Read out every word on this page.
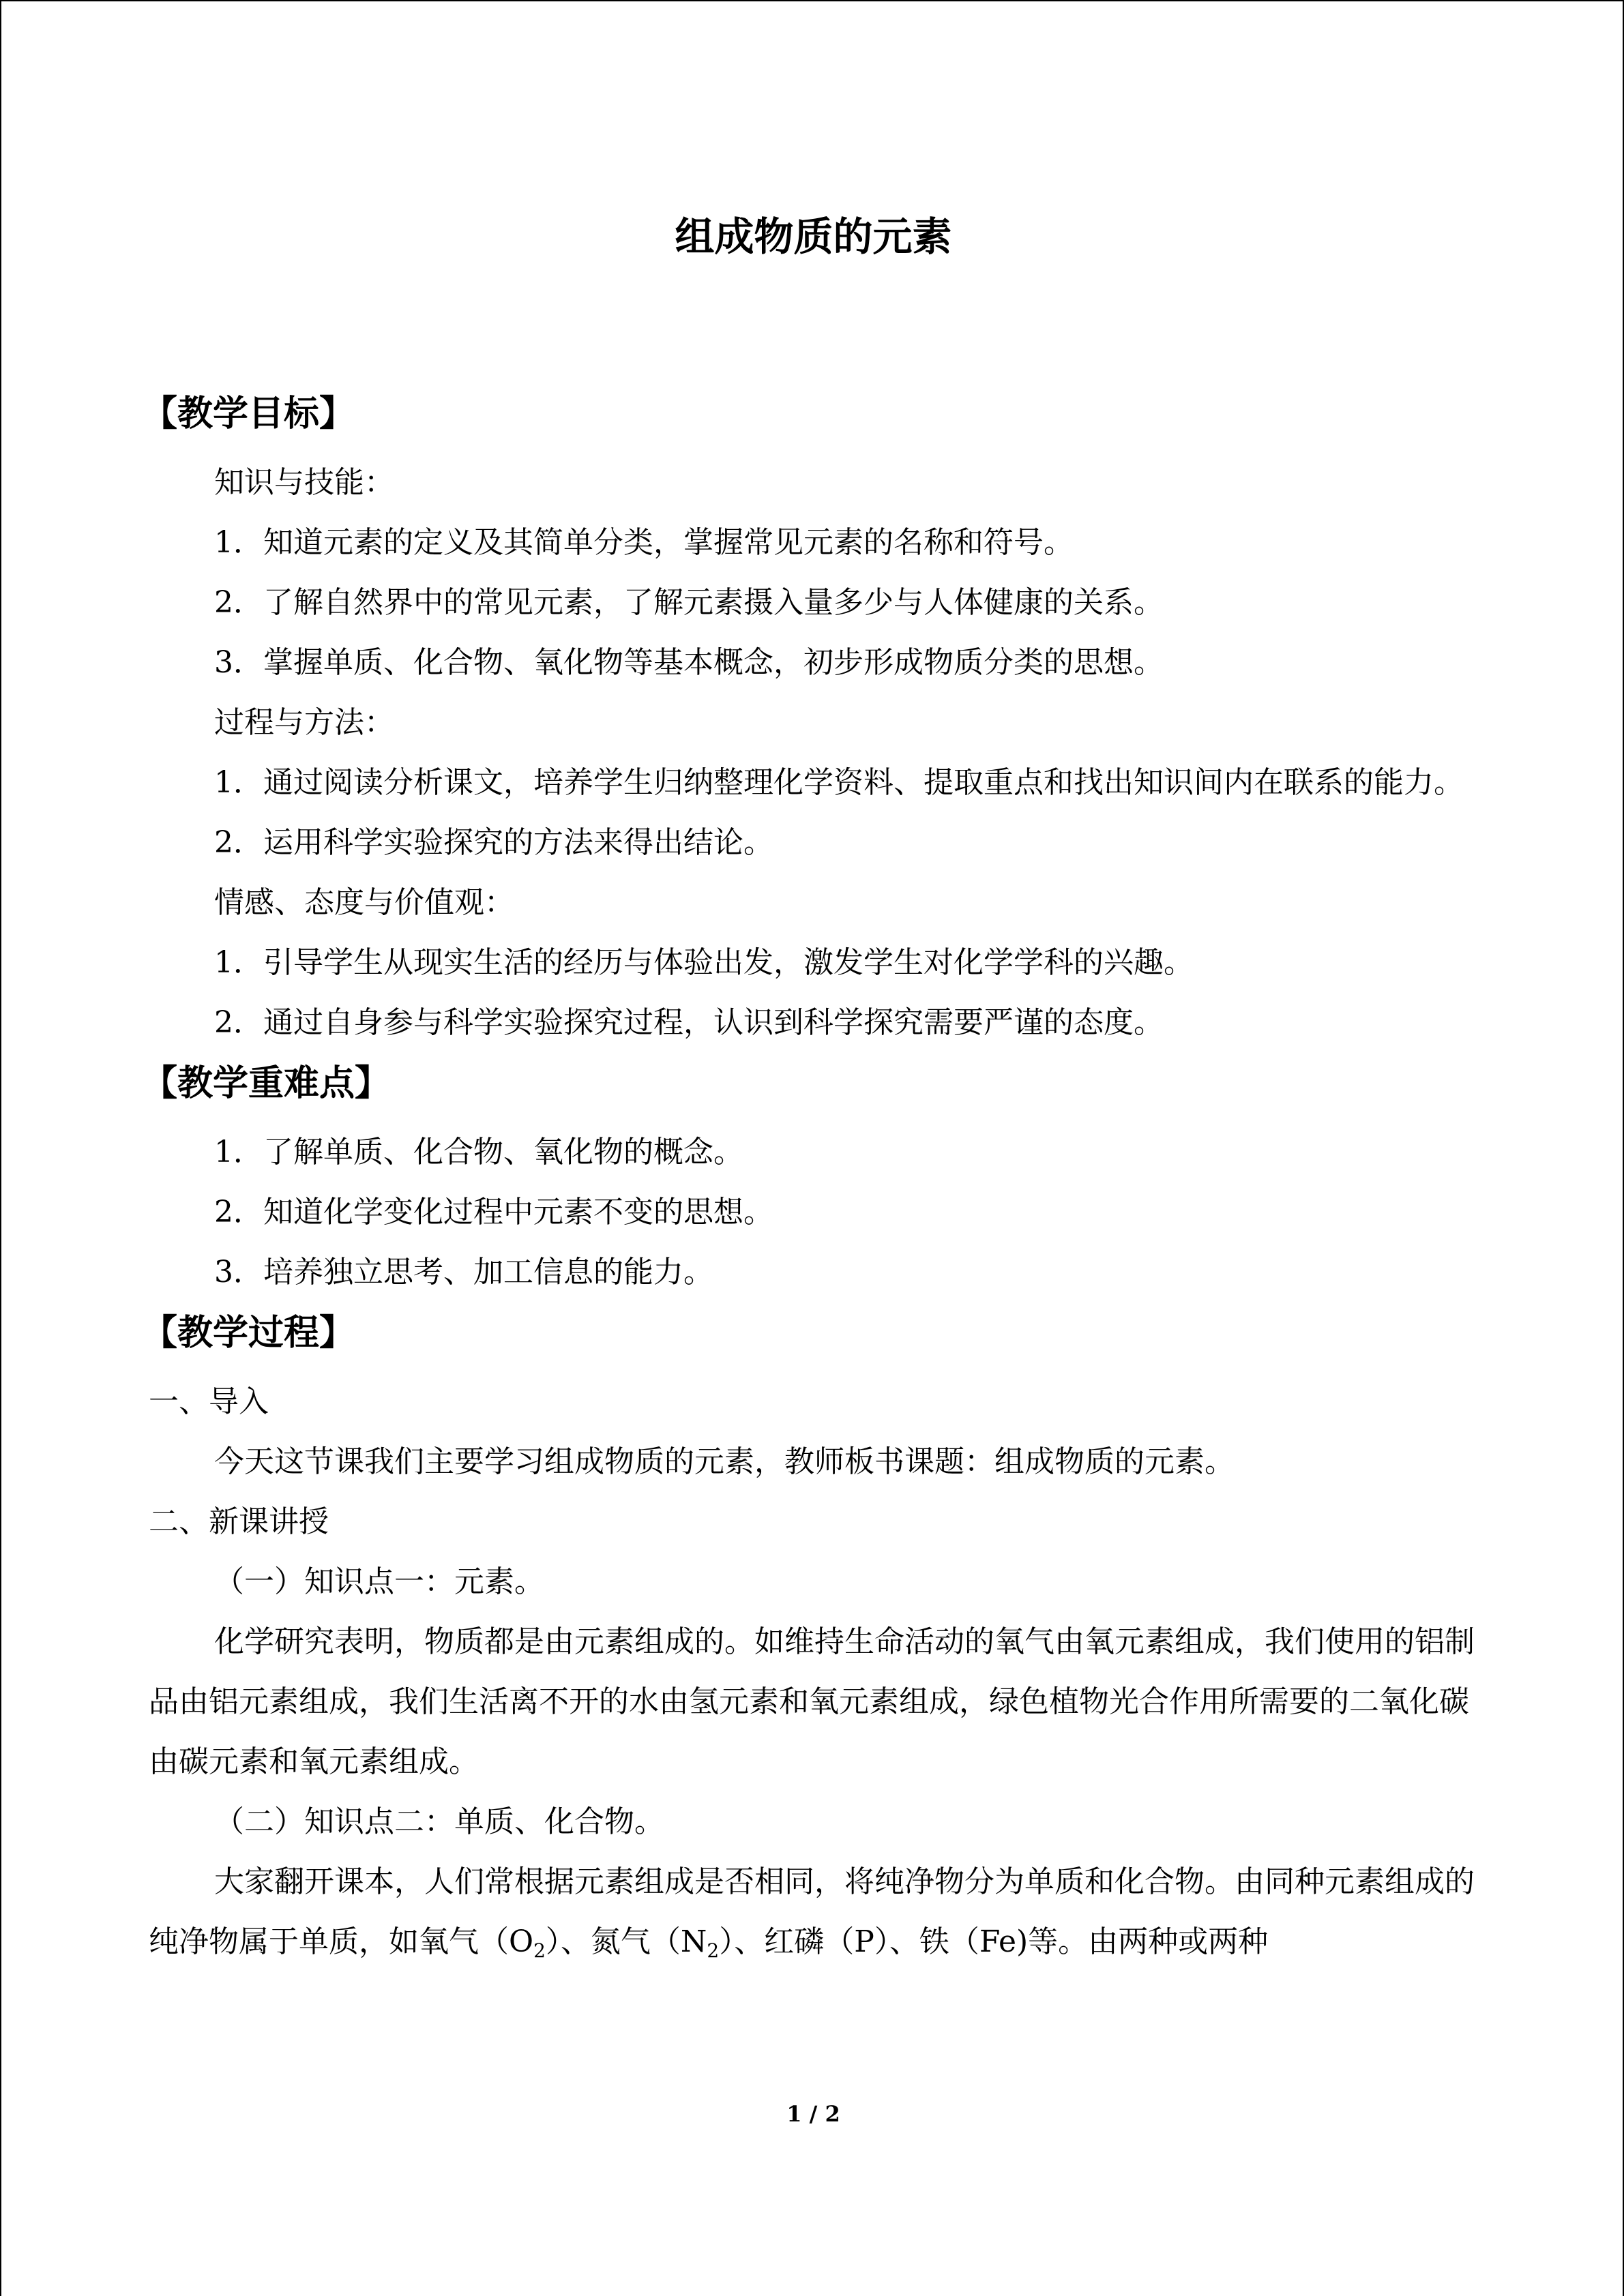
组成物质的元素
【教学目标】

知识与技能：

1．知道元素的定义及其简单分类，掌握常见元素的名称和符号。

2．了解自然界中的常见元素，了解元素摄入量多少与人体健康的关系。

3．掌握单质、化合物、氧化物等基本概念，初步形成物质分类的思想。

过程与方法：

1．通过阅读分析课文，培养学生归纳整理化学资料、提取重点和找出知识间内在联系的能力。

2．运用科学实验探究的方法来得出结论。

情感、态度与价值观：

1．引导学生从现实生活的经历与体验出发，激发学生对化学学科的兴趣。

2．通过自身参与科学实验探究过程，认识到科学探究需要严谨的态度。

【教学重难点】

1．了解单质、化合物、氧化物的概念。

2．知道化学变化过程中元素不变的思想。

3．培养独立思考、加工信息的能力。

【教学过程】

一、导入

今天这节课我们主要学习组成物质的元素，教师板书课题：组成物质的元素。

二、新课讲授

（一）知识点一：元素。

化学研究表明，物质都是由元素组成的。如维持生命活动的氧气由氧元素组成，我们使用的铝制品由铝元素组成，我们生活离不开的水由氢元素和氧元素组成，绿色植物光合作用所需要的二氧化碳由碳元素和氧元素组成。

（二）知识点二：单质、化合物。

大家翻开课本，人们常根据元素组成是否相同，将纯净物分为单质和化合物。由同种元素组成的纯净物属于单质，如氧气$(O_2)$、氮气$(N_2)$、红磷（P）、铁（Fe)等。由两种或两种

1 / 2
